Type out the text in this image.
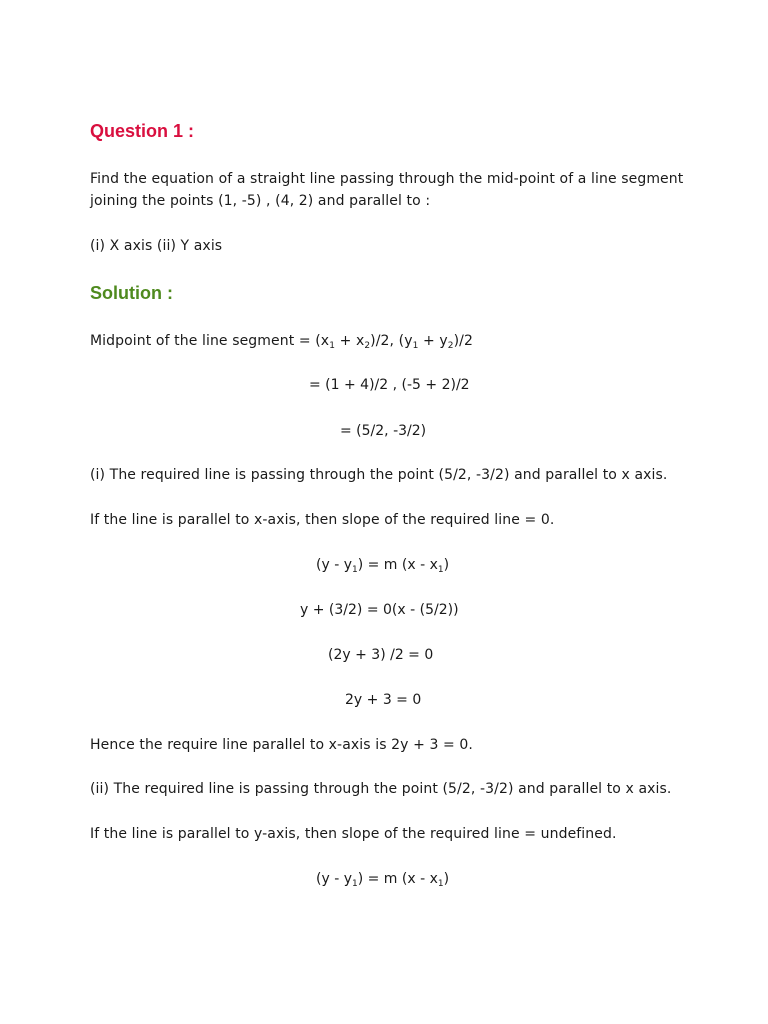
Question 1 :
Find the equation of a straight line passing through the mid-point of a line segment
joining the points (1, -5) , (4, 2) and parallel to :
(i) X axis (ii) Y axis
Solution :
Midpoint of the line segment = $(x_1 + x_2)/2$, $(y_1 + y_2)/2$
= (1 + 4)/2 , (-5 + 2)/2
= (5/2, -3/2)
(i) The required line is passing through the point (5/2, -3/2) and parallel to x axis.
If the line is parallel to x-axis, then slope of the required line = 0.
$(y - y_1) = m$ $(x - x_1)$
y + (3/2) = 0(x - (5/2))
(2y + 3) /2 = 0
2y + 3 = 0
Hence the require line parallel to x-axis is 2y + 3 = 0.
(ii) The required line is passing through the point (5/2, -3/2) and parallel to x axis.
If the line is parallel to y-axis, then slope of the required line = undefined.
$(y - y_1) = m$ $(x - x_1)$
